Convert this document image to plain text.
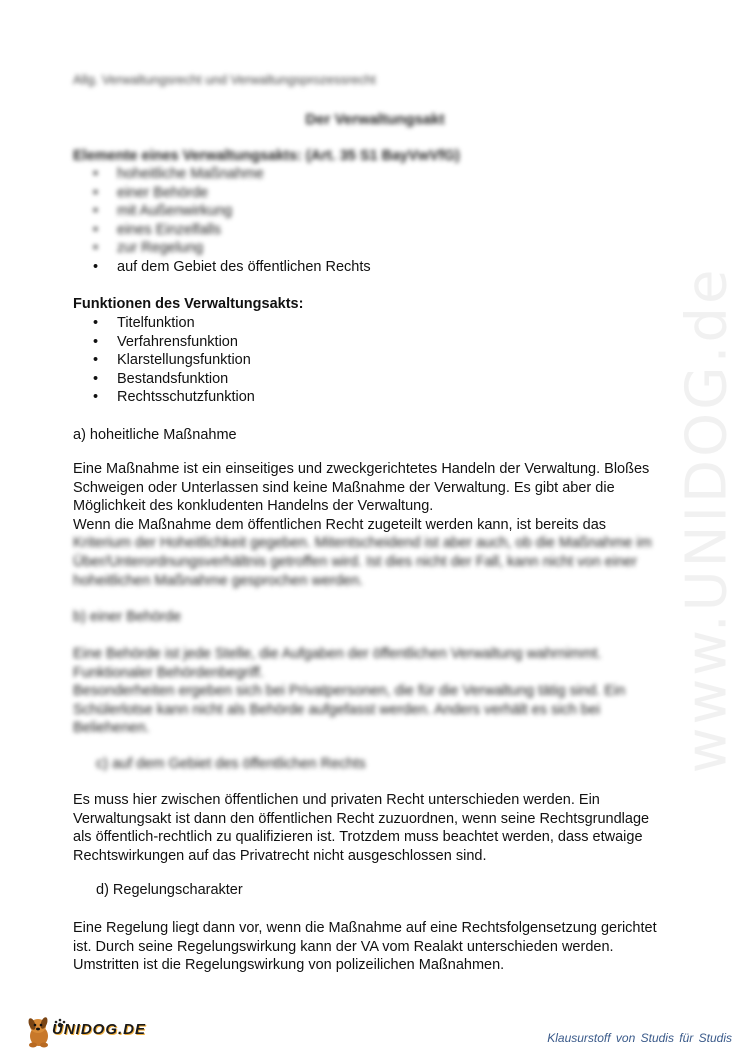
www.UNIDOG.de
Allg. Verwaltungsrecht und Verwaltungsprozessrecht
Der Verwaltungsakt
Elemente eines Verwaltungsakts: (Art. 35 S1 BayVwVfG)
• hoheitliche Maßnahme
• einer Behörde
• mit Außenwirkung
• eines Einzelfalls
• zur Regelung
• auf dem Gebiet des öffentlichen Rechts
Funktionen des Verwaltungsakts:
• Titelfunktion
• Verfahrensfunktion
• Klarstellungsfunktion
• Bestandsfunktion
• Rechtsschutzfunktion
a) hoheitliche Maßnahme
Eine Maßnahme ist ein einseitiges und zweckgerichtetes Handeln der Verwaltung. Bloßes
Schweigen oder Unterlassen sind keine Maßnahme der Verwaltung. Es gibt aber die
Möglichkeit des konkludenten Handelns der Verwaltung.
Wenn die Maßnahme dem öffentlichen Recht zugeteilt werden kann, ist bereits das
Kriterium der Hoheitlichkeit gegeben. Mitentscheidend ist aber auch, ob die Maßnahme im
Über/Unterordnungsverhältnis getroffen wird. Ist dies nicht der Fall, kann nicht von einer
hoheitlichen Maßnahme gesprochen werden.
b) einer Behörde
Eine Behörde ist jede Stelle, die Aufgaben der öffentlichen Verwaltung wahrnimmt.
Funktionaler Behördenbegriff.
Besonderheiten ergeben sich bei Privatpersonen, die für die Verwaltung tätig sind. Ein
Schülerlotse kann nicht als Behörde aufgefasst werden. Anders verhält es sich bei
Beliehenen.
c) auf dem Gebiet des öffentlichen Rechts
Es muss hier zwischen öffentlichen und privaten Recht unterschieden werden. Ein
Verwaltungsakt ist dann den öffentlichen Recht zuzuordnen, wenn seine Rechtsgrundlage
als öffentlich-rechtlich zu qualifizieren ist. Trotzdem muss beachtet werden, dass etwaige
Rechtswirkungen auf das Privatrecht nicht ausgeschlossen sind.
d) Regelungscharakter
Eine Regelung liegt dann vor, wenn die Maßnahme auf eine Rechtsfolgensetzung gerichtet
ist. Durch seine Regelungswirkung kann der VA vom Realakt unterschieden werden.
Umstritten ist die Regelungswirkung von polizeilichen Maßnahmen.
UNIDOG.DE	Klausurstoff von Studis für Studis
